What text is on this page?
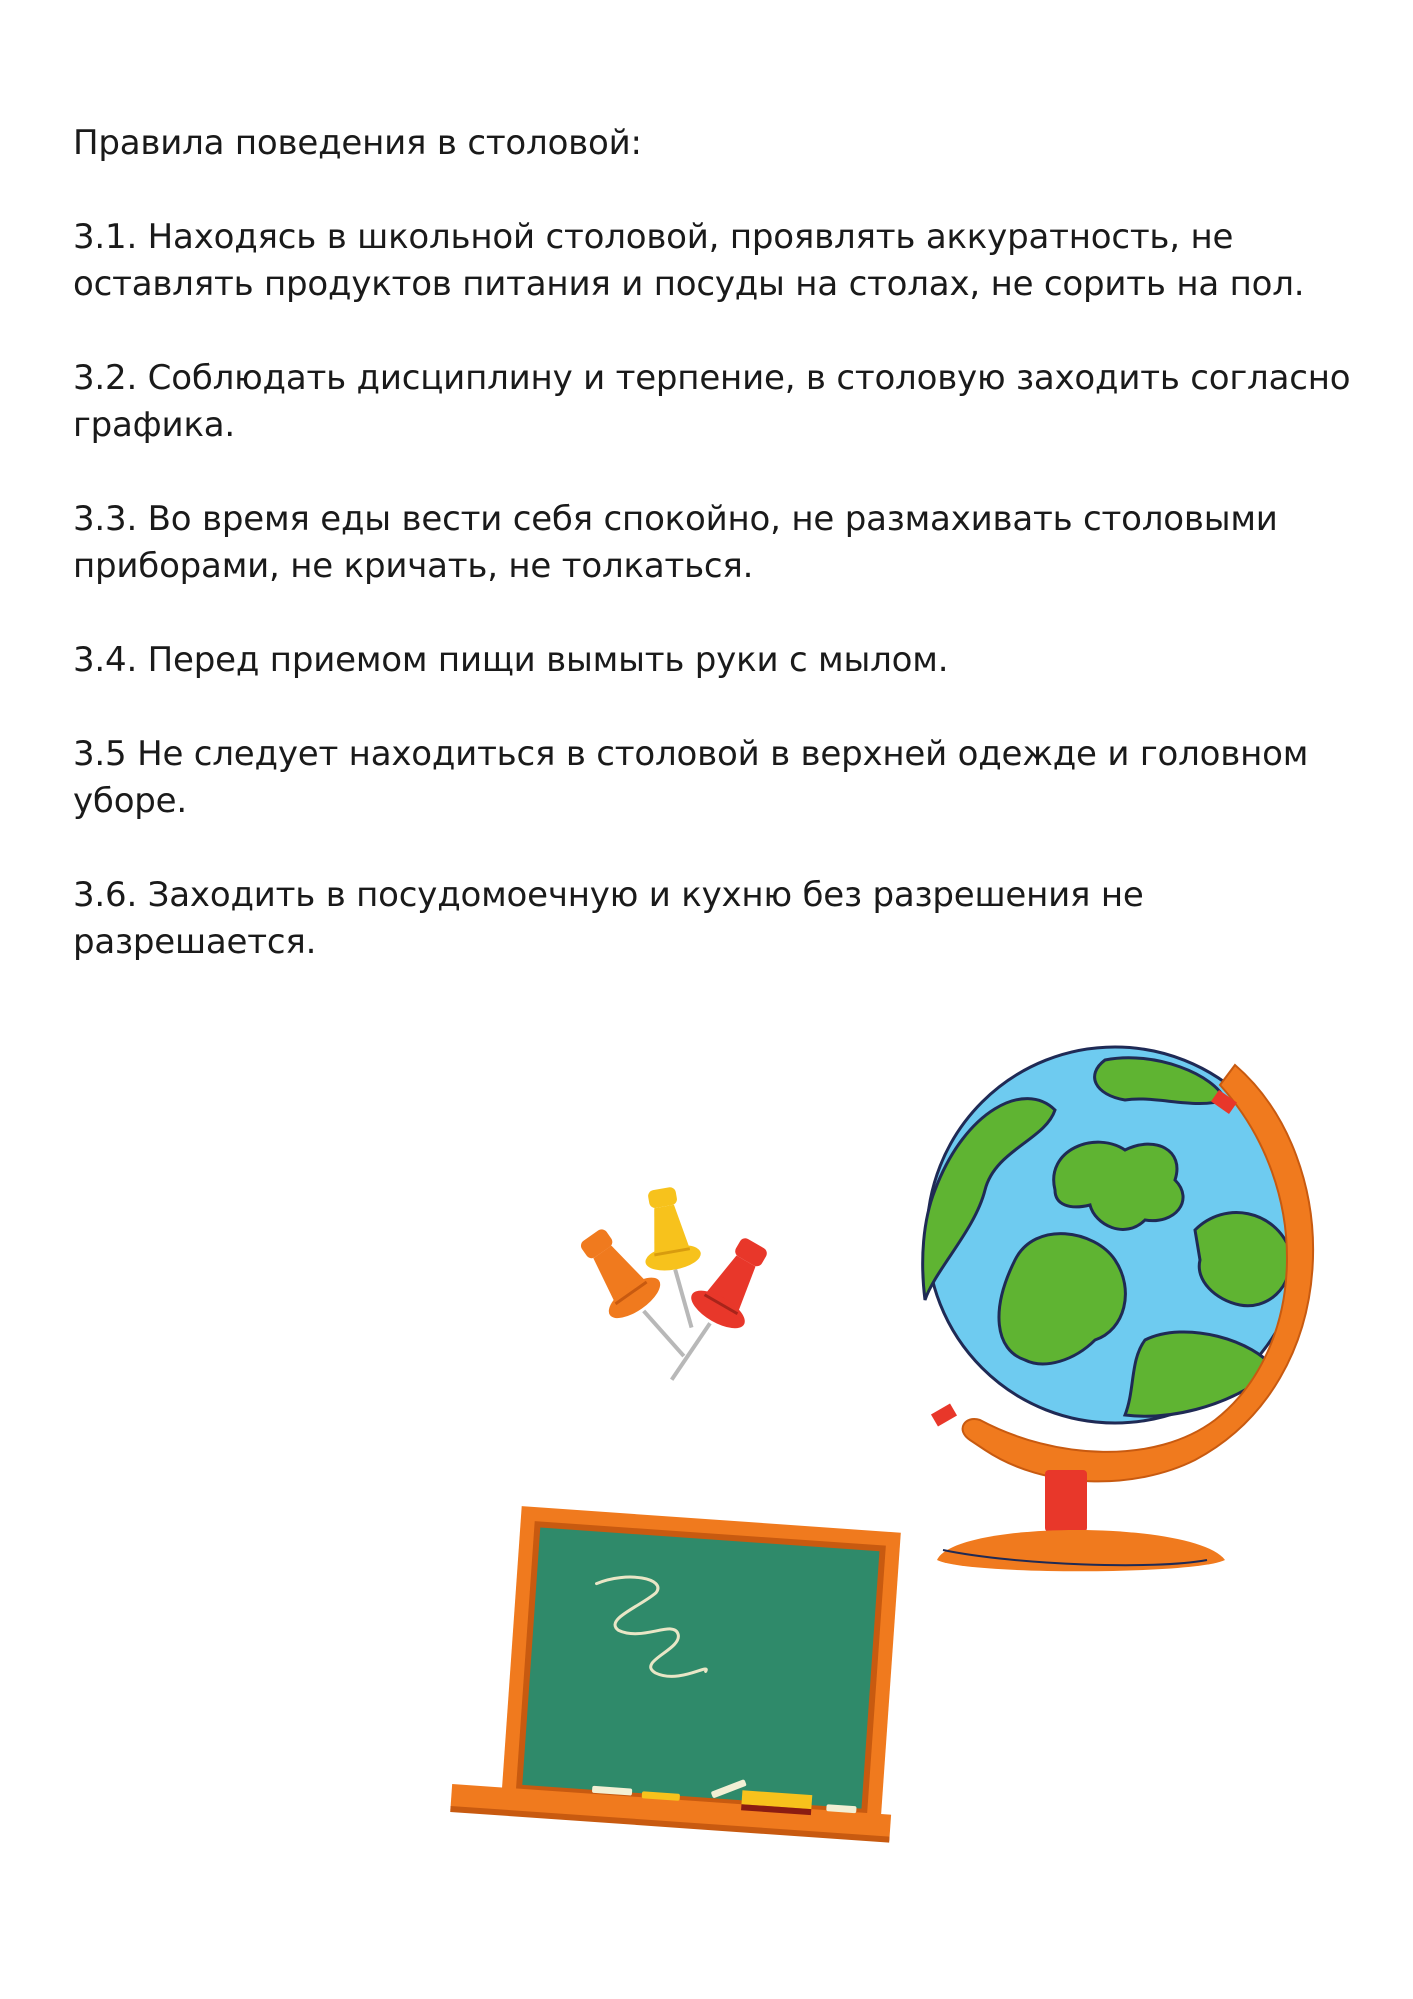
Правила поведения в столовой:

3.1. Находясь в школьной столовой, проявлять аккуратность, не оставлять продуктов питания и посуды на столах, не сорить на пол.

3.2. Соблюдать дисциплину и терпение, в столовую заходить согласно графика.

3.3. Во время еды вести себя спокойно, не размахивать столовыми приборами, не кричать, не толкаться.

3.4. Перед приемом пищи вымыть руки с мылом.

3.5 Не следует находиться в столовой в верхней одежде и головном уборе.

3.6. Заходить в посудомоечную и кухню без разрешения не разрешается.
